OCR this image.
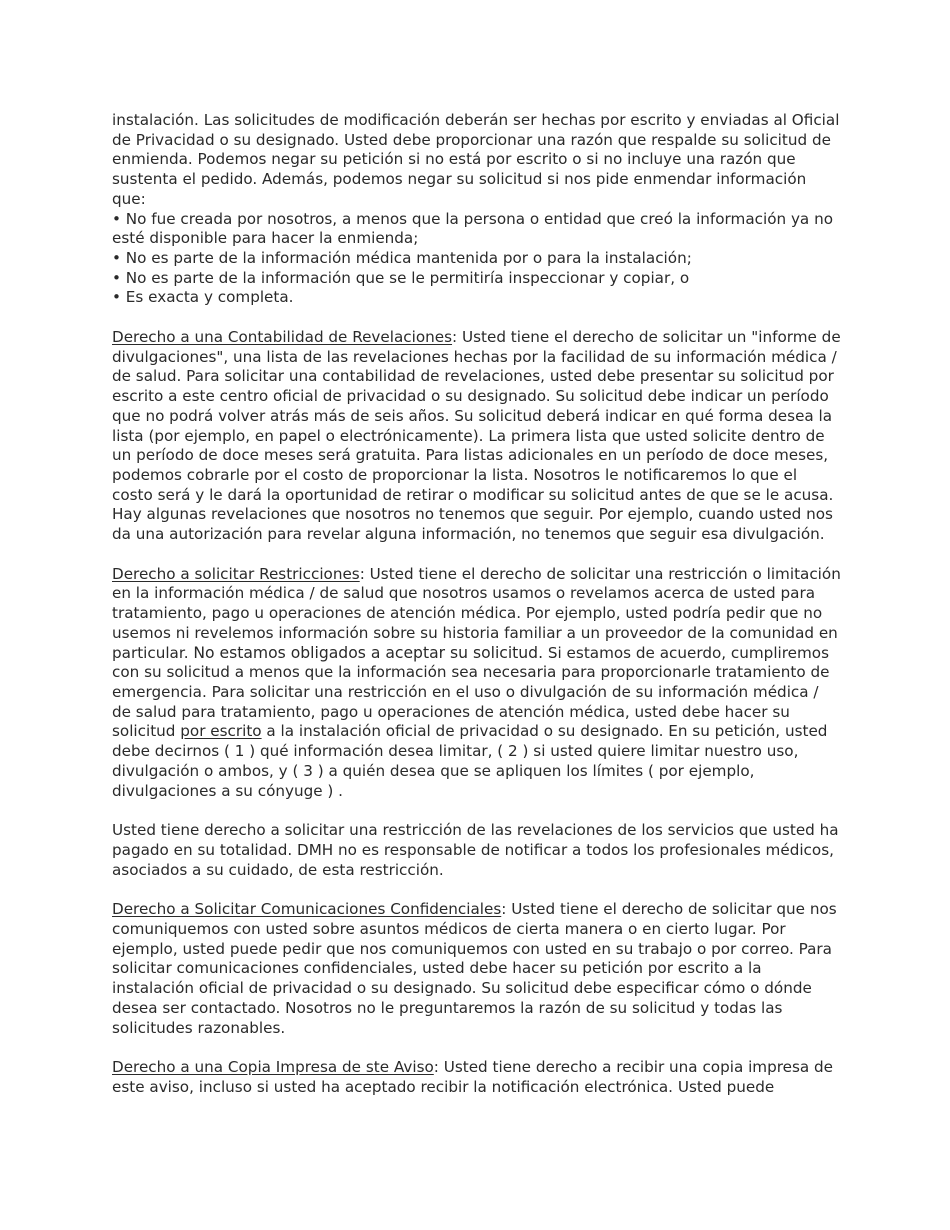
instalación. Las solicitudes de modificación deberán ser hechas por escrito y enviadas al Oficial de Privacidad o su designado. Usted debe proporcionar una razón que respalde su solicitud de enmienda. Podemos negar su petición si no está por escrito o si no incluye una razón que sustenta el pedido. Además, podemos negar su solicitud si nos pide enmendar información que:

• No fue creada por nosotros, a menos que la persona o entidad que creó la información ya no esté disponible para hacer la enmienda;
• No es parte de la información médica mantenida por o para la instalación;
• No es parte de la información que se le permitiría inspeccionar y copiar, o
• Es exacta y completa.

Derecho a una Contabilidad de Revelaciones: Usted tiene el derecho de solicitar un "informe de divulgaciones", una lista de las revelaciones hechas por la facilidad de su información médica / de salud. Para solicitar una contabilidad de revelaciones, usted debe presentar su solicitud por escrito a este centro oficial de privacidad o su designado. Su solicitud debe indicar un período que no podrá volver atrás más de seis años. Su solicitud deberá indicar en qué forma desea la lista (por ejemplo, en papel o electrónicamente). La primera lista que usted solicite dentro de un período de doce meses será gratuita. Para listas adicionales en un período de doce meses, podemos cobrarle por el costo de proporcionar la lista. Nosotros le notificaremos lo que el costo será y le dará la oportunidad de retirar o modificar su solicitud antes de que se le acusa. Hay algunas revelaciones que nosotros no tenemos que seguir. Por ejemplo, cuando usted nos da una autorización para revelar alguna información, no tenemos que seguir esa divulgación.

Derecho a solicitar Restricciones: Usted tiene el derecho de solicitar una restricción o limitación en la información médica / de salud que nosotros usamos o revelamos acerca de usted para tratamiento, pago u operaciones de atención médica. Por ejemplo, usted podría pedir que no usemos ni revelemos información sobre su historia familiar a un proveedor de la comunidad en particular. No estamos obligados a aceptar su solicitud. Si estamos de acuerdo, cumpliremos con su solicitud a menos que la información sea necesaria para proporcionarle tratamiento de emergencia. Para solicitar una restricción en el uso o divulgación de su información médica / de salud para tratamiento, pago u operaciones de atención médica, usted debe hacer su solicitud por escrito a la instalación oficial de privacidad o su designado. En su petición, usted debe decirnos ( 1 ) qué información desea limitar, ( 2 ) si usted quiere limitar nuestro uso, divulgación o ambos, y ( 3 ) a quién desea que se apliquen los límites ( por ejemplo, divulgaciones a su cónyuge ) .

Usted tiene derecho a solicitar una restricción de las revelaciones de los servicios que usted ha pagado en su totalidad. DMH no es responsable de notificar a todos los profesionales médicos, asociados a su cuidado, de esta restricción.

Derecho a Solicitar Comunicaciones Confidenciales: Usted tiene el derecho de solicitar que nos comuniquemos con usted sobre asuntos médicos de cierta manera o en cierto lugar. Por ejemplo, usted puede pedir que nos comuniquemos con usted en su trabajo o por correo. Para solicitar comunicaciones confidenciales, usted debe hacer su petición por escrito a la instalación oficial de privacidad o su designado. Su solicitud debe especificar cómo o dónde desea ser contactado. Nosotros no le preguntaremos la razón de su solicitud y todas las solicitudes razonables.

Derecho a una Copia Impresa de ste Aviso: Usted tiene derecho a recibir una copia impresa de este aviso, incluso si usted ha aceptado recibir la notificación electrónica. Usted puede
